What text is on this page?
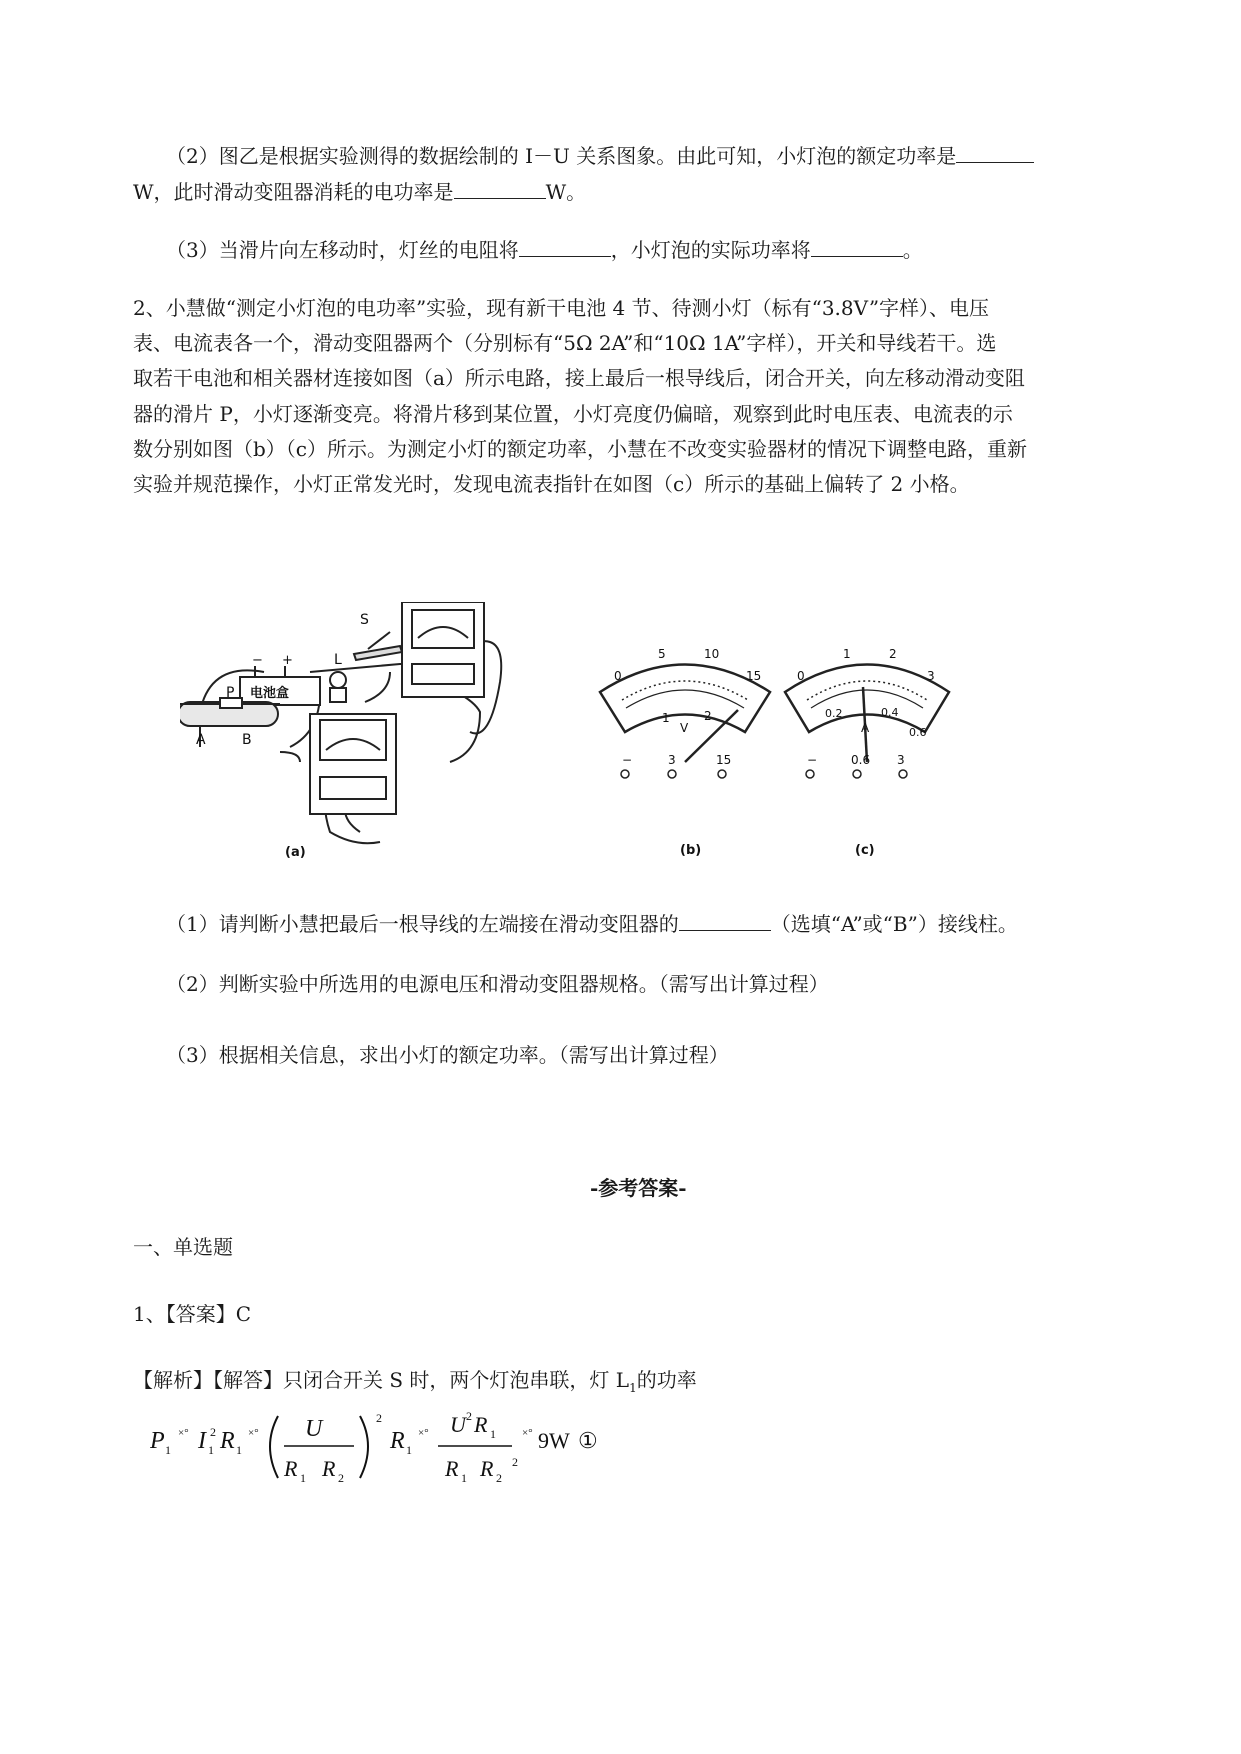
（2）图乙是根据实验测得的数据绘制的 I－U 关系图象。由此可知，小灯泡的额定功率是
W，此时滑动变阻器消耗的电功率是	W。
（3）当滑片向左移动时，灯丝的电阻将	，小灯泡的实际功率将	。
2、小慧做“测定小灯泡的电功率”实验，现有新干电池 4 节、待测小灯（标有“3.8V”字样）、电压
表、电流表各一个，滑动变阻器两个（分别标有“5Ω 2A”和“10Ω 1A”字样），开关和导线若干。选
取若干电池和相关器材连接如图（a）所示电路，接上最后一根导线后，闭合开关，向左移动滑动变阻
器的滑片 P，小灯逐渐变亮。将滑片移到某位置，小灯亮度仍偏暗，观察到此时电压表、电流表的示
数分别如图（b）（c）所示。为测定小灯的额定功率，小慧在不改变实验器材的情况下调整电路，重新
实验并规范操作，小灯正常发光时，发现电流表指针在如图（c）所示的基础上偏转了 2 小格。
电池盒
− +
S
P
L
A	B
(a)
0
5	10
15
1	2
V
−	3	15
(b)
0
1	2
3
0.2	0.4
0.6
A
−	0.6 3
(c)
（1）请判断小慧把最后一根导线的左端接在滑动变阻器的	（选填“A”或“B”）接线柱。
（2）判断实验中所选用的电源电压和滑动变阻器规格。（需写出计算过程）
（3）根据相关信息，求出小灯的额定功率。（需写出计算过程）
-参考答案-
一、单选题
1、【答案】C
【解析】【解答】只闭合开关 S 时，两个灯泡串联，灯 $L_1$的功率
P 1
×° I 1
2 R 1
×° U
R 1 R 2
2
R 1
×° U 2 R 1
R 1 R 2
2
×° 9W ①
